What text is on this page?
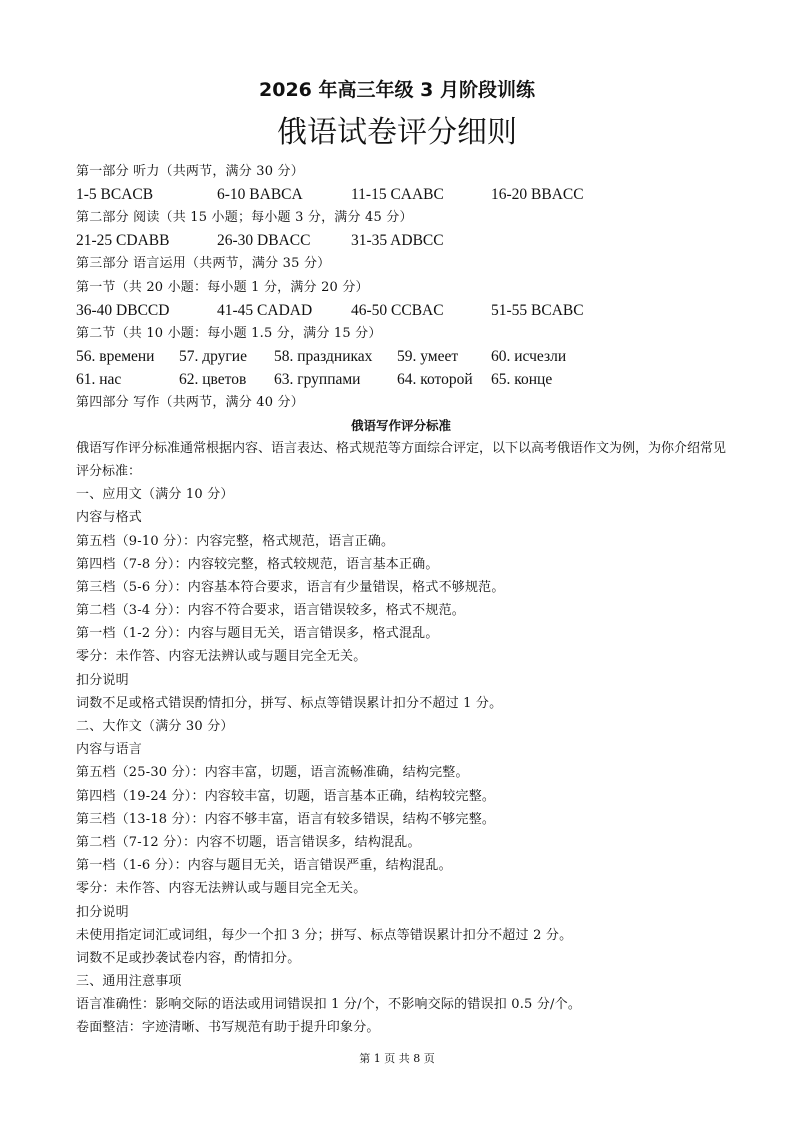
2026 年高三年级 3 月阶段训练
俄语试卷评分细则
第一部分 听力（共两节，满分 30 分）
1-5 BCACB	6-10 BABCA	11-15 CAABC	16-20 BBACC
第二部分 阅读（共 15 小题；每小题 3 分，满分 45 分）
21-25 CDABB	26-30 DBACC	31-35 ADBCC
第三部分 语言运用（共两节，满分 35 分）
第一节（共 20 小题：每小题 1 分，满分 20 分）
36-40 DBCCD	41-45 CADAD	46-50 CCBAC	51-55 BCABC
第二节（共 10 小题：每小题 1.5 分，满分 15 分）
56. времени 57. другие 58. праздниках 59. умеет 60. исчезли
61. нас	62. цветов 63. группами 64. которой 65. конце
第四部分 写作（共两节，满分 40 分）
俄语写作评分标准
俄语写作评分标准通常根据内容、语言表达、格式规范等方面综合评定，以下以高考俄语作文为例，为你介绍常见评分标准：
一、应用文（满分 10 分）
内容与格式
第五档（9-10 分）：内容完整，格式规范，语言正确。
第四档（7-8 分）：内容较完整，格式较规范，语言基本正确。
第三档（5-6 分）：内容基本符合要求，语言有少量错误，格式不够规范。
第二档（3-4 分）：内容不符合要求，语言错误较多，格式不规范。
第一档（1-2 分）：内容与题目无关，语言错误多，格式混乱。
零分：未作答、内容无法辨认或与题目完全无关。
扣分说明
词数不足或格式错误酌情扣分，拼写、标点等错误累计扣分不超过 1 分。
二、大作文（满分 30 分）
内容与语言
第五档（25-30 分）：内容丰富，切题，语言流畅准确，结构完整。
第四档（19-24 分）：内容较丰富，切题，语言基本正确，结构较完整。
第三档（13-18 分）：内容不够丰富，语言有较多错误，结构不够完整。
第二档（7-12 分）：内容不切题，语言错误多，结构混乱。
第一档（1-6 分）：内容与题目无关，语言错误严重，结构混乱。
零分：未作答、内容无法辨认或与题目完全无关。
扣分说明
未使用指定词汇或词组，每少一个扣 3 分；拼写、标点等错误累计扣分不超过 2 分。
词数不足或抄袭试卷内容，酌情扣分。
三、通用注意事项
语言准确性：影响交际的语法或用词错误扣 1 分/个，不影响交际的错误扣 0.5 分/个。
卷面整洁：字迹清晰、书写规范有助于提升印象分。
第 1 页 共 8 页
